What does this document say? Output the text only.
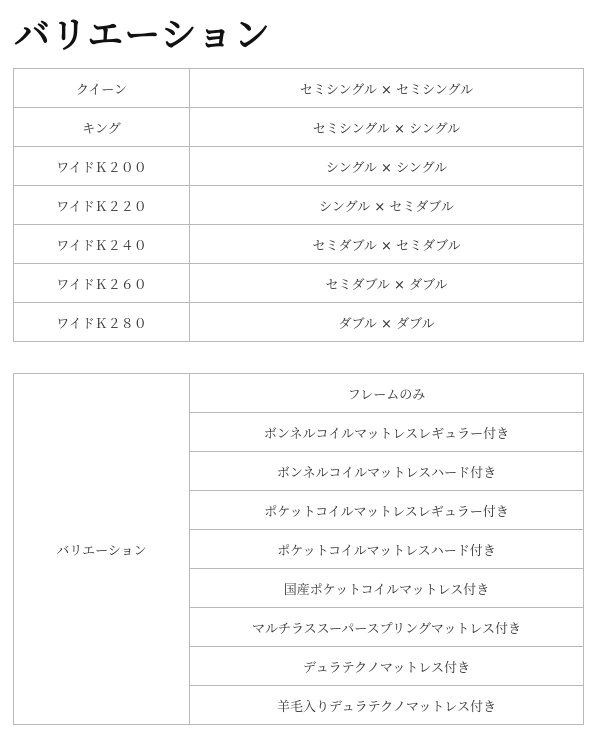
バリエーション
クイーン	セミシングル × セミシングル
キング	セミシングル × シングル
ワイドＫ２００	シングル × シングル
ワイドＫ２２０	シングル × セミダブル
ワイドＫ２４０	セミダブル × セミダブル
ワイドＫ２６０	セミダブル × ダブル
ワイドＫ２８０	ダブル × ダブル
バリエーション	フレームのみ
ボンネルコイルマットレスレギュラー付き
ボンネルコイルマットレスハード付き
ポケットコイルマットレスレギュラー付き
ポケットコイルマットレスハード付き
国産ポケットコイルマットレス付き
マルチラススーパースプリングマットレス付き
デュラテクノマットレス付き
羊毛入りデュラテクノマットレス付き
